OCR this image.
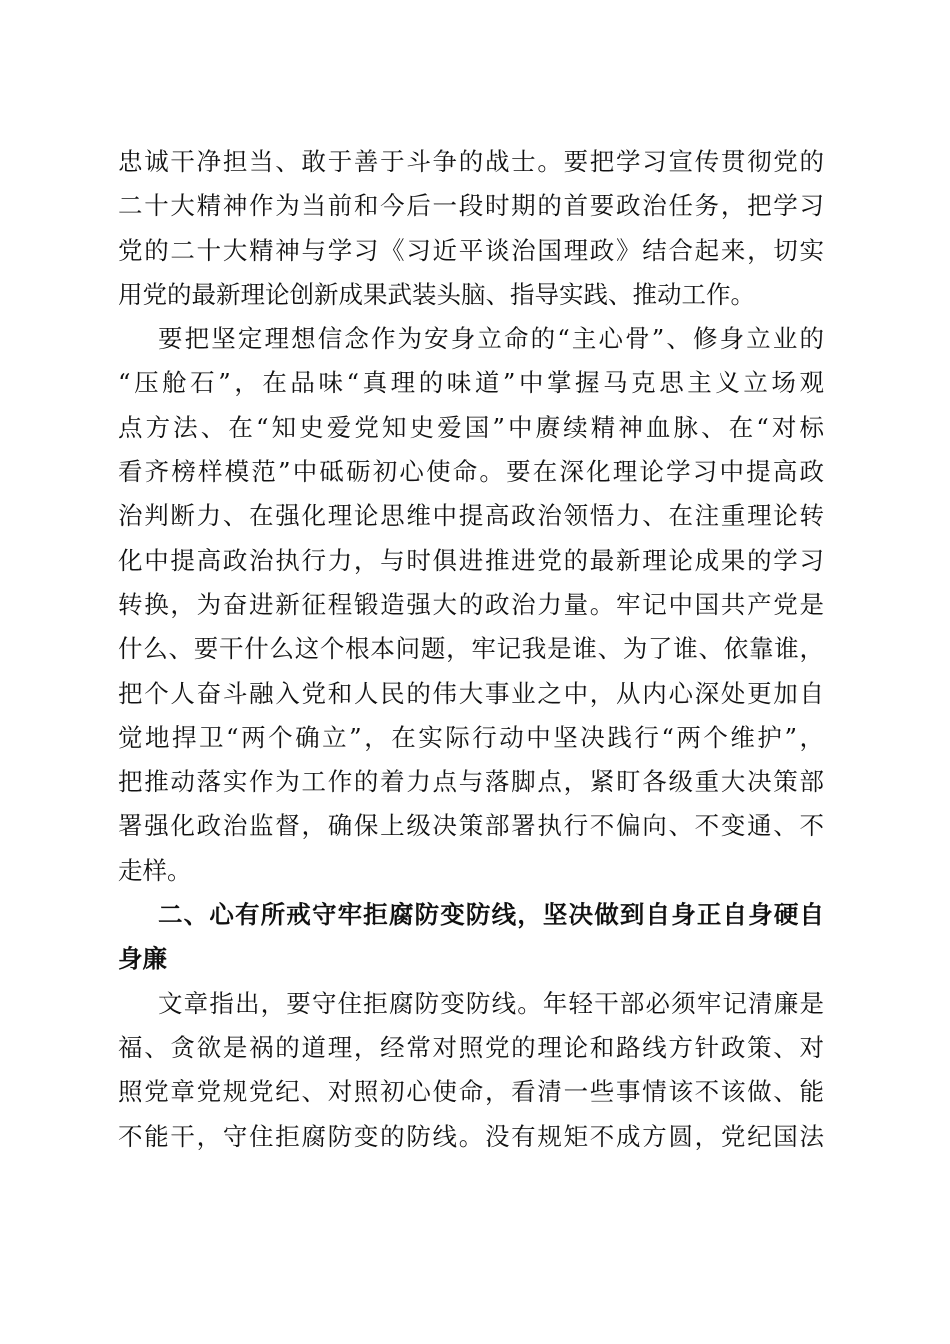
忠诚干净担当、敢于善于斗争的战士。要把学习宣传贯彻党的
二十大精神作为当前和今后一段时期的首要政治任务，把学习
党的二十大精神与学习《习近平谈治国理政》结合起来，切实
用党的最新理论创新成果武装头脑、指导实践、推动工作。
要把坚定理想信念作为安身立命的“主心骨”、修身立业的
“压舱石”，在品味“真理的味道”中掌握马克思主义立场观
点方法、在“知史爱党知史爱国”中赓续精神血脉、在“对标
看齐榜样模范”中砥砺初心使命。要在深化理论学习中提高政
治判断力、在强化理论思维中提高政治领悟力、在注重理论转
化中提高政治执行力，与时俱进推进党的最新理论成果的学习
转换，为奋进新征程锻造强大的政治力量。牢记中国共产党是
什么、要干什么这个根本问题，牢记我是谁、为了谁、依靠谁，
把个人奋斗融入党和人民的伟大事业之中，从内心深处更加自
觉地捍卫“两个确立”，在实际行动中坚决践行“两个维护”，
把推动落实作为工作的着力点与落脚点，紧盯各级重大决策部
署强化政治监督，确保上级决策部署执行不偏向、不变通、不
走样。
二、心有所戒守牢拒腐防变防线，坚决做到自身正自身硬自
身廉
文章指出，要守住拒腐防变防线。年轻干部必须牢记清廉是
福、贪欲是祸的道理，经常对照党的理论和路线方针政策、对
照党章党规党纪、对照初心使命，看清一些事情该不该做、能
不能干，守住拒腐防变的防线。没有规矩不成方圆，党纪国法
